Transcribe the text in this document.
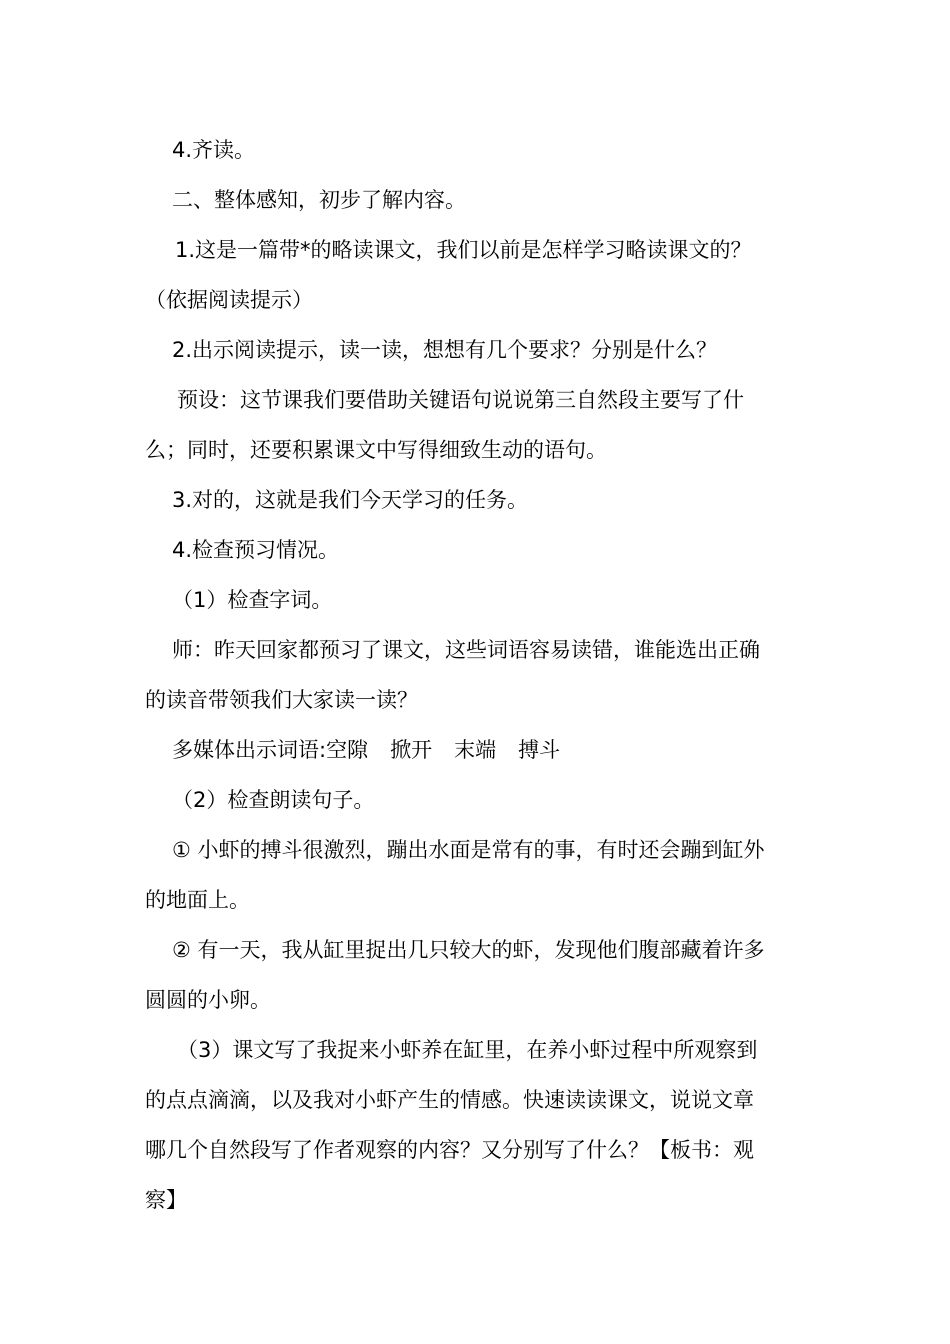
4.齐读。
二、整体感知，初步了解内容。
1.这是一篇带*的略读课文，我们以前是怎样学习略读课文的？
（依据阅读提示）
2.出示阅读提示，读一读，想想有几个要求？分别是什么？
预设：这节课我们要借助关键语句说说第三自然段主要写了什
么；同时，还要积累课文中写得细致生动的语句。
3.对的，这就是我们今天学习的任务。
4.检查预习情况。
（1）检查字词。
师：昨天回家都预习了课文，这些词语容易读错，谁能选出正确
的读音带领我们大家读一读？
多媒体出示词语:空隙 掀开 末端 搏斗
（2）检查朗读句子。
① 小虾的搏斗很激烈，蹦出水面是常有的事，有时还会蹦到缸外
的地面上。
② 有一天，我从缸里捉出几只较大的虾，发现他们腹部藏着许多
圆圆的小卵。
（3）课文写了我捉来小虾养在缸里，在养小虾过程中所观察到
的点点滴滴，以及我对小虾产生的情感。快速读读课文，说说文章
哪几个自然段写了作者观察的内容？又分别写了什么？【板书：观
察】
